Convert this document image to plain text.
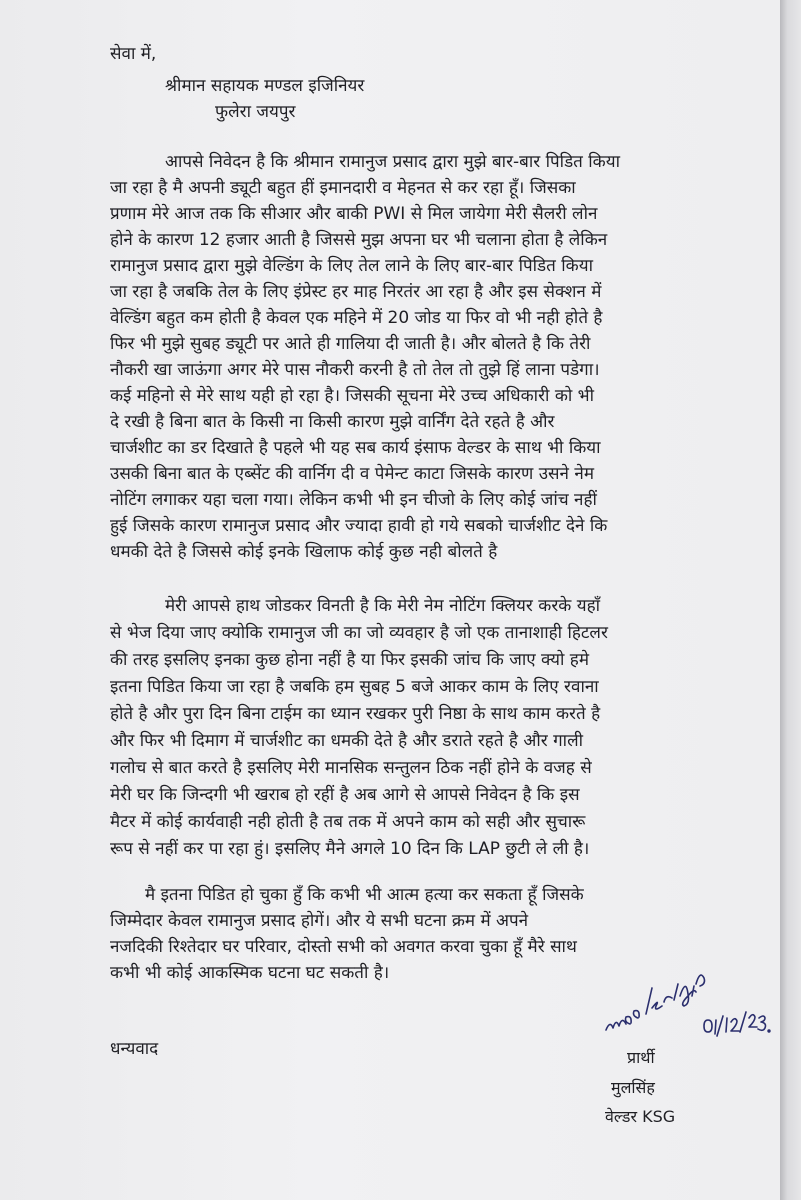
सेवा में,
श्रीमान सहायक मण्डल इजिनियर
फुलेरा जयपुर
आपसे निवेदन है कि श्रीमान रामानुज प्रसाद द्वारा मुझे बार-बार पिडित किया
जा रहा है मै अपनी ड्यूटी बहुत हीं इमानदारी व मेहनत से कर रहा हूँ। जिसका
प्रणाम मेरे आज तक कि सीआर और बाकी PWI से मिल जायेगा मेरी सैलरी लोन
होने के कारण 12 हजार आती है जिससे मुझ अपना घर भी चलाना होता है लेकिन
रामानुज प्रसाद द्वारा मुझे वेल्डिंग के लिए तेल लाने के लिए बार-बार पिडित किया
जा रहा है जबकि तेल के लिए इंप्रेस्ट हर माह निरतंर आ रहा है और इस सेक्शन में
वेल्डिंग बहुत कम होती है केवल एक महिने में 20 जोड या फिर वो भी नही होते है
फिर भी मुझे सुबह ड्यूटी पर आते ही गालिया दी जाती है। और बोलते है कि तेरी
नौकरी खा जाऊंगा अगर मेरे पास नौकरी करनी है तो तेल तो तुझे हिं लाना पडेगा।
कई महिनो से मेरे साथ यही हो रहा है। जिसकी सूचना मेरे उच्च अधिकारी को भी
दे रखी है बिना बात के किसी ना किसी कारण मुझे वार्निंग देते रहते है और
चार्जशीट का डर दिखाते है पहले भी यह सब कार्य इंसाफ वेल्डर के साथ भी किया
उसकी बिना बात के एब्सेंट की वार्निग दी व पेमेन्ट काटा जिसके कारण उसने नेम
नोटिंग लगाकर यहा चला गया। लेकिन कभी भी इन चीजो के लिए कोई जांच नहीं
हुई जिसके कारण रामानुज प्रसाद और ज्यादा हावी हो गये सबको चार्जशीट देने कि
धमकी देते है जिससे कोई इनके खिलाफ कोई कुछ नही बोलते है
मेरी आपसे हाथ जोडकर विनती है कि मेरी नेम नोटिंग क्लियर करके यहाँ
से भेज दिया जाए क्योकि रामानुज जी का जो व्यवहार है जो एक तानाशाही हिटलर
की तरह इसलिए इनका कुछ होना नहीं है या फिर इसकी जांच कि जाए क्यो हमे
इतना पिडित किया जा रहा है जबकि हम सुबह 5 बजे आकर काम के लिए रवाना
होते है और पुरा दिन बिना टाईम का ध्यान रखकर पुरी निष्ठा के साथ काम करते है
और फिर भी दिमाग में चार्जशीट का धमकी देते है और डराते रहते है और गाली
गलोच से बात करते है इसलिए मेरी मानसिक सन्तुलन ठिक नहीं होने के वजह से
मेरी घर कि जिन्दगी भी खराब हो रहीं है अब आगे से आपसे निवेदन है कि इस
मैटर में कोई कार्यवाही नही होती है तब तक में अपने काम को सही और सुचारू
रूप से नहीं कर पा रहा हुं। इसलिए मैने अगले 10 दिन कि LAP छुटी ले ली है।
मै इतना पिडित हो चुका हुँ कि कभी भी आत्म हत्या कर सकता हूँ जिसके
जिम्मेदार केवल रामानुज प्रसाद होगें। और ये सभी घटना क्रम में अपने
नजदिकी रिश्तेदार घर परिवार, दोस्तो सभी को अवगत करवा चुका हूँ मैरे साथ
कभी भी कोई आकस्मिक घटना घट सकती है।
धन्यवाद	प्रार्थी
मुलसिंह
वेल्डर KSG
